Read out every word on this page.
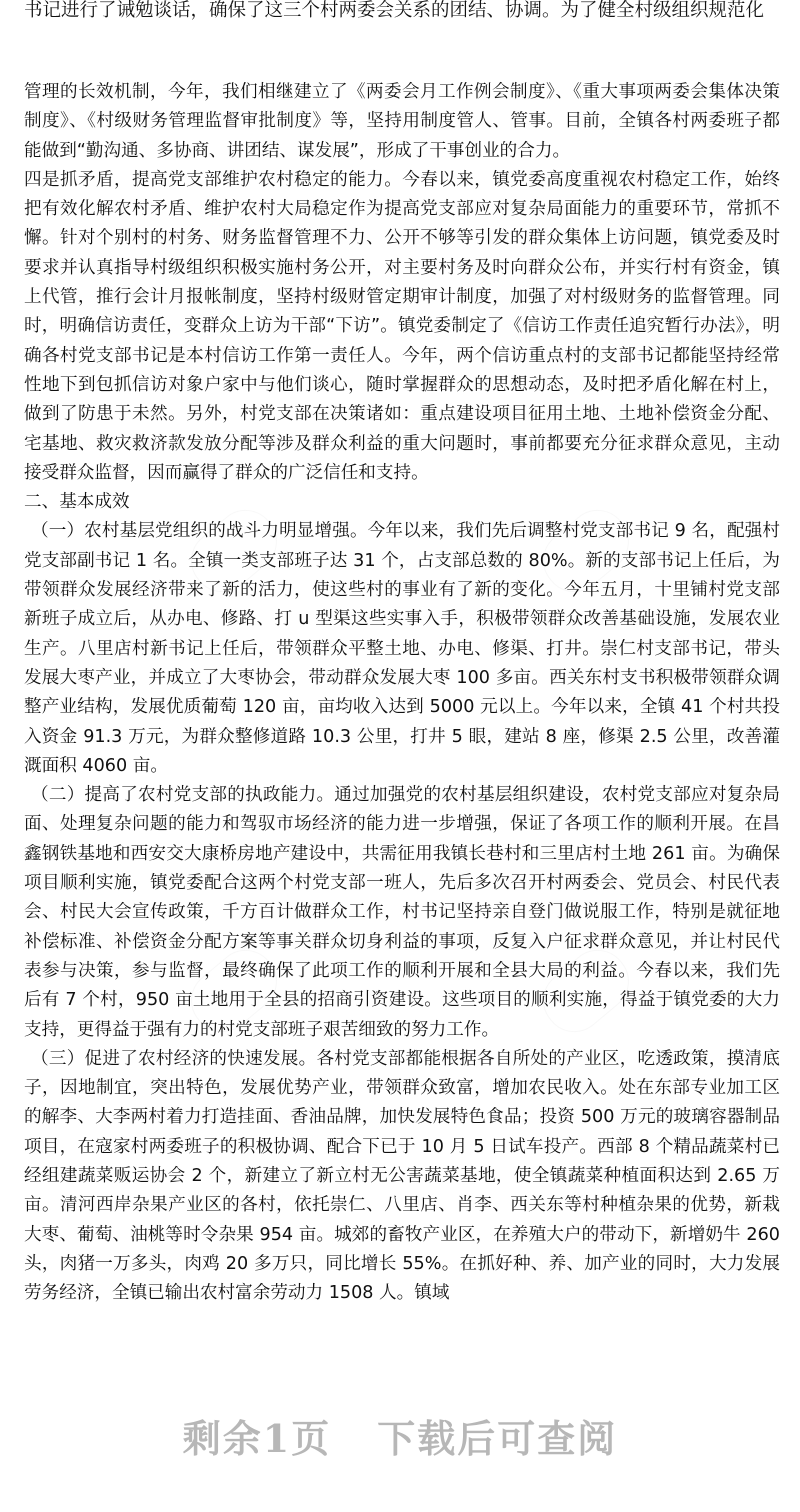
书记进行了诫勉谈话，确保了这三个村两委会关系的团结、协调。为了健全村级组织规范化

管理的长效机制，今年，我们相继建立了《两委会月工作例会制度》、《重大事项两委会集体决策制度》、《村级财务管理监督审批制度》等，坚持用制度管人、管事。目前，全镇各村两委班子都能做到“勤沟通、多协商、讲团结、谋发展”，形成了干事创业的合力。

四是抓矛盾，提高党支部维护农村稳定的能力。今春以来，镇党委高度重视农村稳定工作，始终把有效化解农村矛盾、维护农村大局稳定作为提高党支部应对复杂局面能力的重要环节，常抓不懈。针对个别村的村务、财务监督管理不力、公开不够等引发的群众集体上访问题，镇党委及时要求并认真指导村级组织积极实施村务公开，对主要村务及时向群众公布，并实行村有资金，镇上代管，推行会计月报帐制度，坚持村级财管定期审计制度，加强了对村级财务的监督管理。同时，明确信访责任，变群众上访为干部“下访”。镇党委制定了《信访工作责任追究暂行办法》，明确各村党支部书记是本村信访工作第一责任人。今年，两个信访重点村的支部书记都能坚持经常性地下到包抓信访对象户家中与他们谈心，随时掌握群众的思想动态，及时把矛盾化解在村上，做到了防患于未然。另外，村党支部在决策诸如：重点建设项目征用土地、土地补偿资金分配、宅基地、救灾救济款发放分配等涉及群众利益的重大问题时，事前都要充分征求群众意见，主动接受群众监督，因而赢得了群众的广泛信任和支持。

二、基本成效

（一）农村基层党组织的战斗力明显增强。今年以来，我们先后调整村党支部书记 9 名，配强村党支部副书记 1 名。全镇一类支部班子达 31 个，占支部总数的 80%。新的支部书记上任后，为带领群众发展经济带来了新的活力，使这些村的事业有了新的变化。今年五月，十里铺村党支部新班子成立后，从办电、修路、打 u 型渠这些实事入手，积极带领群众改善基础设施，发展农业生产。八里店村新书记上任后，带领群众平整土地、办电、修渠、打井。崇仁村支部书记，带头发展大枣产业，并成立了大枣协会，带动群众发展大枣 100 多亩。西关东村支书积极带领群众调整产业结构，发展优质葡萄 120 亩，亩均收入达到 5000 元以上。今年以来，全镇 41 个村共投入资金 91.3 万元，为群众整修道路 10.3 公里，打井 5 眼，建站 8 座，修渠 2.5 公里，改善灌溉面积 4060 亩。

（二）提高了农村党支部的执政能力。通过加强党的农村基层组织建设，农村党支部应对复杂局面、处理复杂问题的能力和驾驭市场经济的能力进一步增强，保证了各项工作的顺利开展。在昌鑫钢铁基地和西安交大康桥房地产建设中，共需征用我镇长巷村和三里店村土地 261 亩。为确保项目顺利实施，镇党委配合这两个村党支部一班人，先后多次召开村两委会、党员会、村民代表会、村民大会宣传政策，千方百计做群众工作，村书记坚持亲自登门做说服工作，特别是就征地补偿标准、补偿资金分配方案等事关群众切身利益的事项，反复入户征求群众意见，并让村民代表参与决策，参与监督，最终确保了此项工作的顺利开展和全县大局的利益。今春以来，我们先后有 7 个村，950 亩土地用于全县的招商引资建设。这些项目的顺利实施，得益于镇党委的大力支持，更得益于强有力的村党支部班子艰苦细致的努力工作。

（三）促进了农村经济的快速发展。各村党支部都能根据各自所处的产业区，吃透政策，摸清底子，因地制宜，突出特色，发展优势产业，带领群众致富，增加农民收入。处在东部专业加工区的解李、大李两村着力打造挂面、香油品牌，加快发展特色食品；投资 500 万元的玻璃容器制品项目，在寇家村两委班子的积极协调、配合下已于 10 月 5 日试车投产。西部 8 个精品蔬菜村已经组建蔬菜贩运协会 2 个，新建立了新立村无公害蔬菜基地，使全镇蔬菜种植面积达到 2.65 万亩。清河西岸杂果产业区的各村，依托崇仁、八里店、肖李、西关东等村种植杂果的优势，新栽大枣、葡萄、油桃等时令杂果 954 亩。城郊的畜牧产业区，在养殖大户的带动下，新增奶牛 260 头，肉猪一万多头，肉鸡 20 多万只，同比增长 55%。在抓好种、养、加产业的同时，大力发展劳务经济，全镇已输出农村富余劳动力 1508 人。镇域

剩余1页 下载后可查阅
